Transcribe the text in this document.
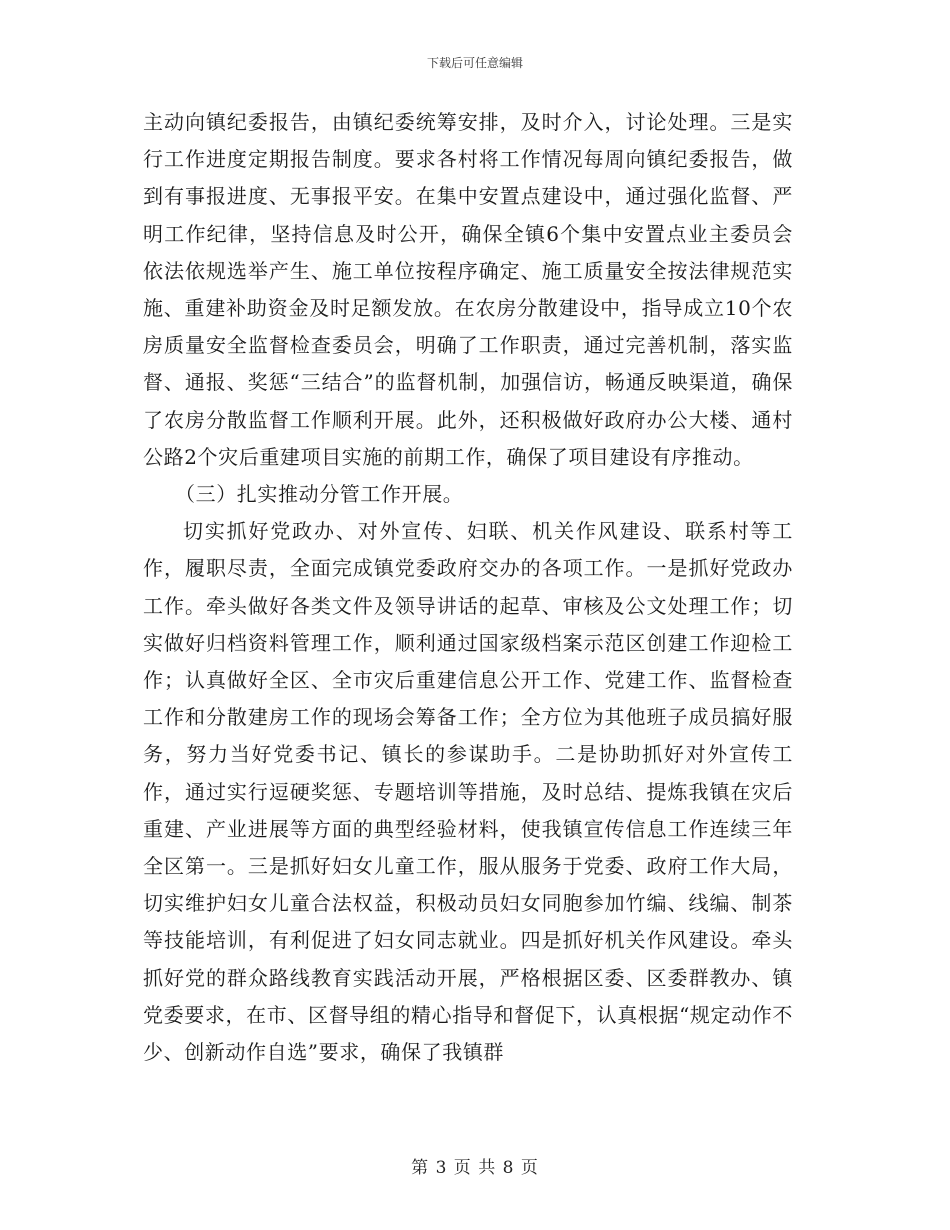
下载后可任意编辑

主动向镇纪委报告，由镇纪委统筹安排，及时介入，讨论处理。三是实行工作进度定期报告制度。要求各村将工作情况每周向镇纪委报告，做到有事报进度、无事报平安。在集中安置点建设中，通过强化监督、严明工作纪律，坚持信息及时公开，确保全镇6个集中安置点业主委员会依法依规选举产生、施工单位按程序确定、施工质量安全按法律规范实施、重建补助资金及时足额发放。在农房分散建设中，指导成立10个农房质量安全监督检查委员会，明确了工作职责，通过完善机制，落实监督、通报、奖惩“三结合”的监督机制，加强信访，畅通反映渠道，确保了农房分散监督工作顺利开展。此外，还积极做好政府办公大楼、通村公路2个灾后重建项目实施的前期工作，确保了项目建设有序推动。

（三）扎实推动分管工作开展。

切实抓好党政办、对外宣传、妇联、机关作风建设、联系村等工作，履职尽责，全面完成镇党委政府交办的各项工作。一是抓好党政办工作。牵头做好各类文件及领导讲话的起草、审核及公文处理工作；切实做好归档资料管理工作，顺利通过国家级档案示范区创建工作迎检工作；认真做好全区、全市灾后重建信息公开工作、党建工作、监督检查工作和分散建房工作的现场会筹备工作；全方位为其他班子成员搞好服务，努力当好党委书记、镇长的参谋助手。二是协助抓好对外宣传工作，通过实行逗硬奖惩、专题培训等措施，及时总结、提炼我镇在灾后重建、产业进展等方面的典型经验材料，使我镇宣传信息工作连续三年全区第一。三是抓好妇女儿童工作，服从服务于党委、政府工作大局，切实维护妇女儿童合法权益，积极动员妇女同胞参加竹编、线编、制茶等技能培训，有利促进了妇女同志就业。四是抓好机关作风建设。牵头抓好党的群众路线教育实践活动开展，严格根据区委、区委群教办、镇党委要求，在市、区督导组的精心指导和督促下，认真根据“规定动作不少、创新动作自选”要求，确保了我镇群

第 3 页 共 8 页
